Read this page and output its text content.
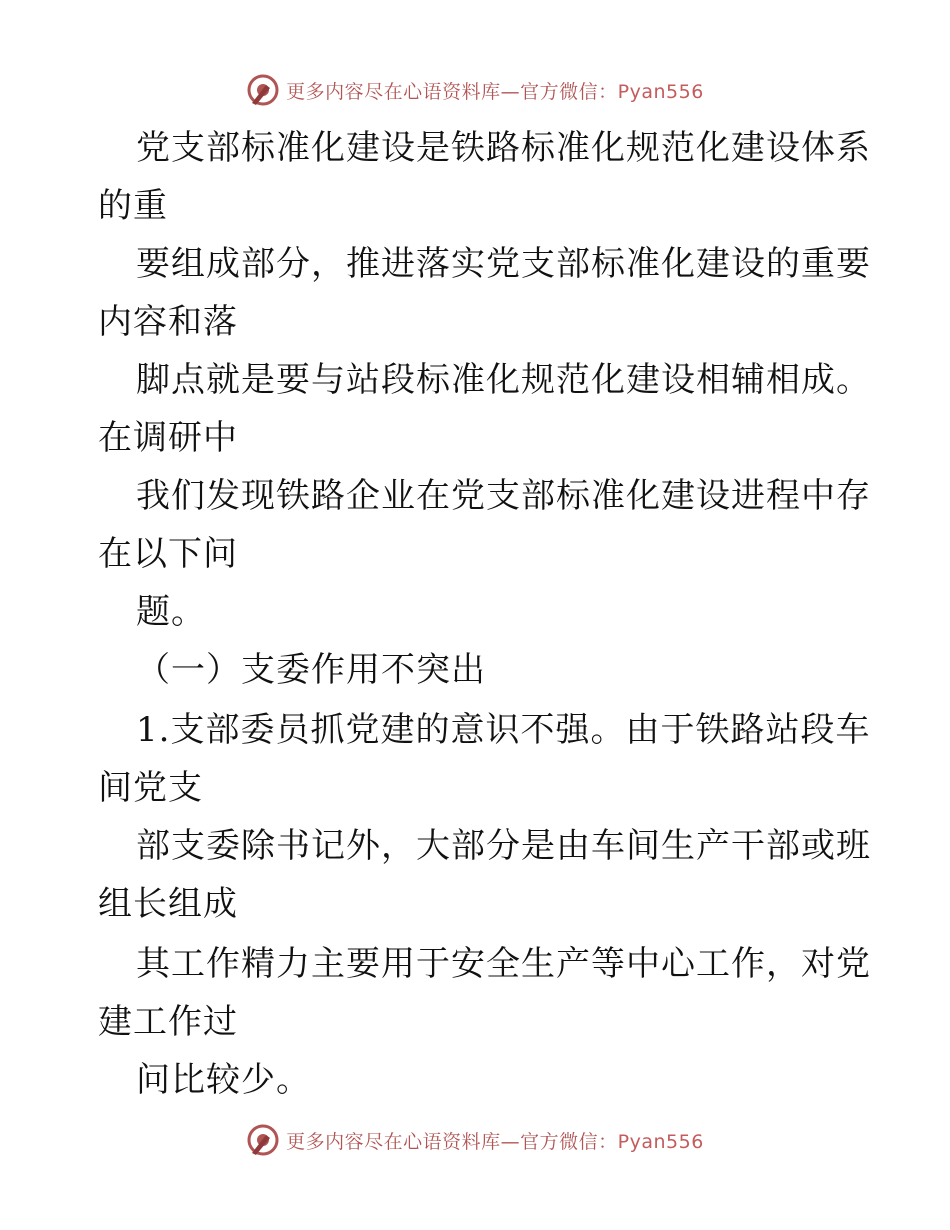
更多内容尽在心语资料库—官方微信：Pyan556
党支部标准化建设是铁路标准化规范化建设体系
的重
要组成部分，推进落实党支部标准化建设的重要
内容和落
脚点就是要与站段标准化规范化建设相辅相成。
在调研中
我们发现铁路企业在党支部标准化建设进程中存
在以下问
题。
（一）支委作用不突出
1.支部委员抓党建的意识不强。由于铁路站段车
间党支
部支委除书记外，大部分是由车间生产干部或班
组长组成
其工作精力主要用于安全生产等中心工作，对党
建工作过
问比较少。
更多内容尽在心语资料库—官方微信：Pyan556
